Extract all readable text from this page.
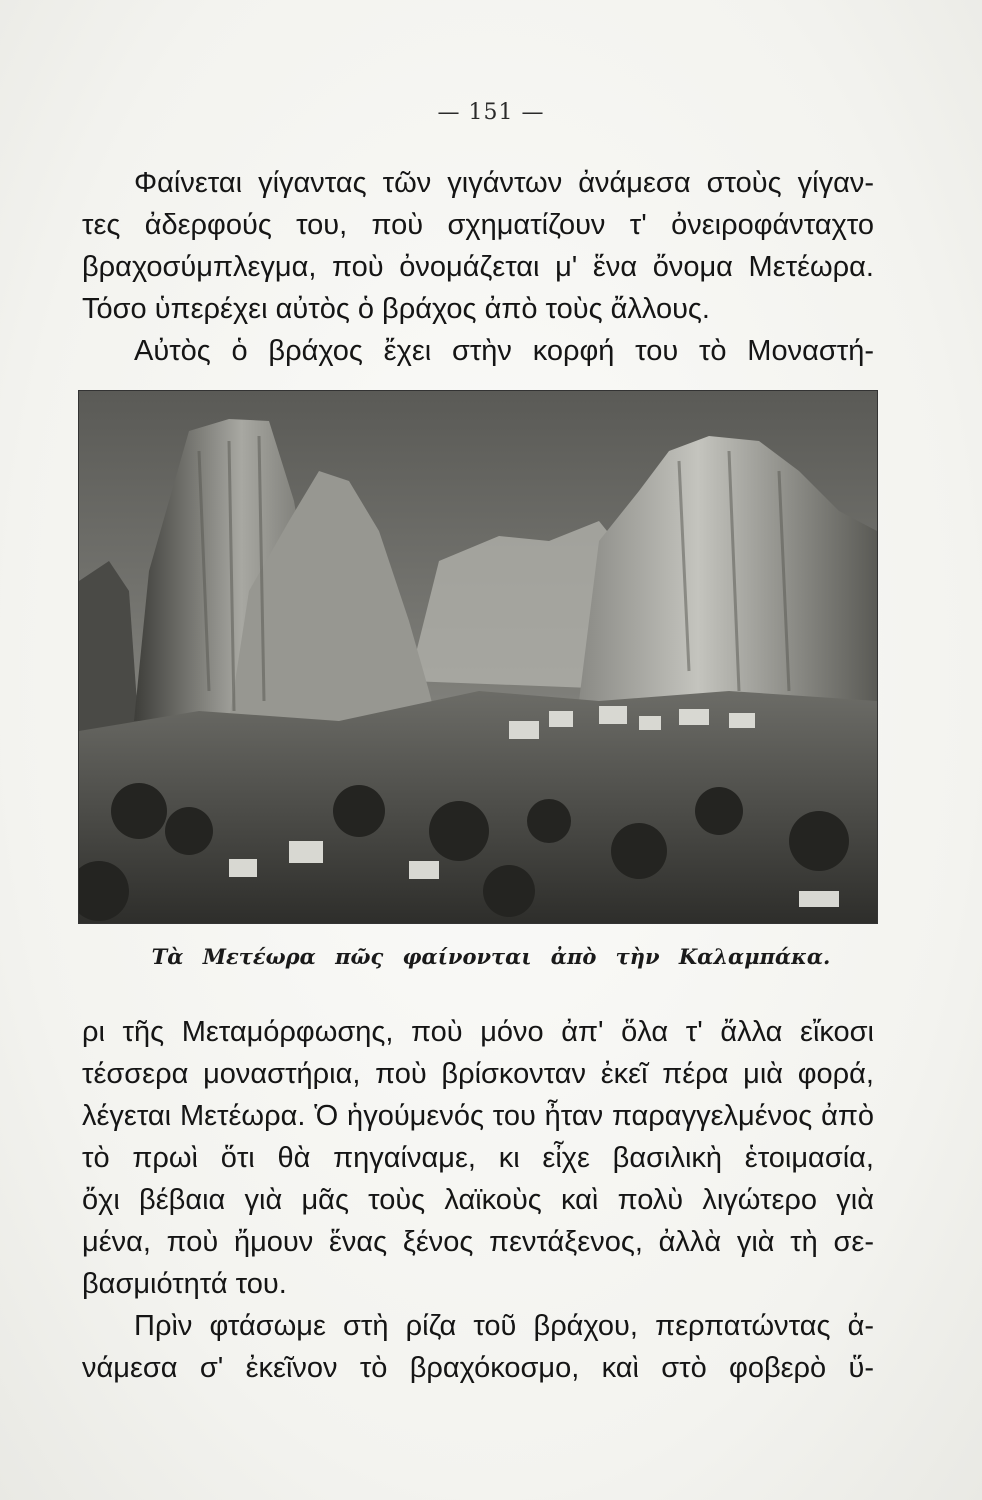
— 151 —

Φαίνεται γίγαντας τῶν γιγάντων ἀνάμεσα στοὺς γίγαν-

τες ἀδερφούς του, ποὺ σχηματίζουν τ' ὀνειροφάνταχτο

βραχοσύμπλεγμα, ποὺ ὀνομάζεται μ' ἕνα ὄνομα Μετέωρα.

Τόσο ὑπερέχει αὐτὸς ὁ βράχος ἀπὸ τοὺς ἄλλους.

Αὐτὸς ὁ βράχος ἔχει στὴν κορφή του τὸ Μοναστή-

Τὰ Μετέωρα πῶς φαίνονται ἀπὸ τὴν Καλαμπάκα.

ρι τῆς Μεταμόρφωσης, ποὺ μόνο ἀπ' ὅλα τ' ἄλλα εἴκοσι

τέσσερα μοναστήρια, ποὺ βρίσκονταν ἐκεῖ πέρα μιὰ φορά,

λέγεται Μετέωρα. Ὁ ἡγούμενός του ἦταν παραγγελμένος ἀπὸ

τὸ πρωὶ ὅτι θὰ πηγαίναμε, κι εἶχε βασιλικὴ ἑτοιμασία,

ὄχι βέβαια γιὰ μᾶς τοὺς λαϊκοὺς καὶ πολὺ λιγώτερο γιὰ

μένα, ποὺ ἤμουν ἕνας ξένος πεντάξενος, ἀλλὰ γιὰ τὴ σε-

βασμιότητά του.

Πρὶν φτάσωμε στὴ ρίζα τοῦ βράχου, περπατώντας ἀ-

νάμεσα σ' ἐκεῖνον τὸ βραχόκοσμο, καὶ στὸ φοβερὸ ὕ-
